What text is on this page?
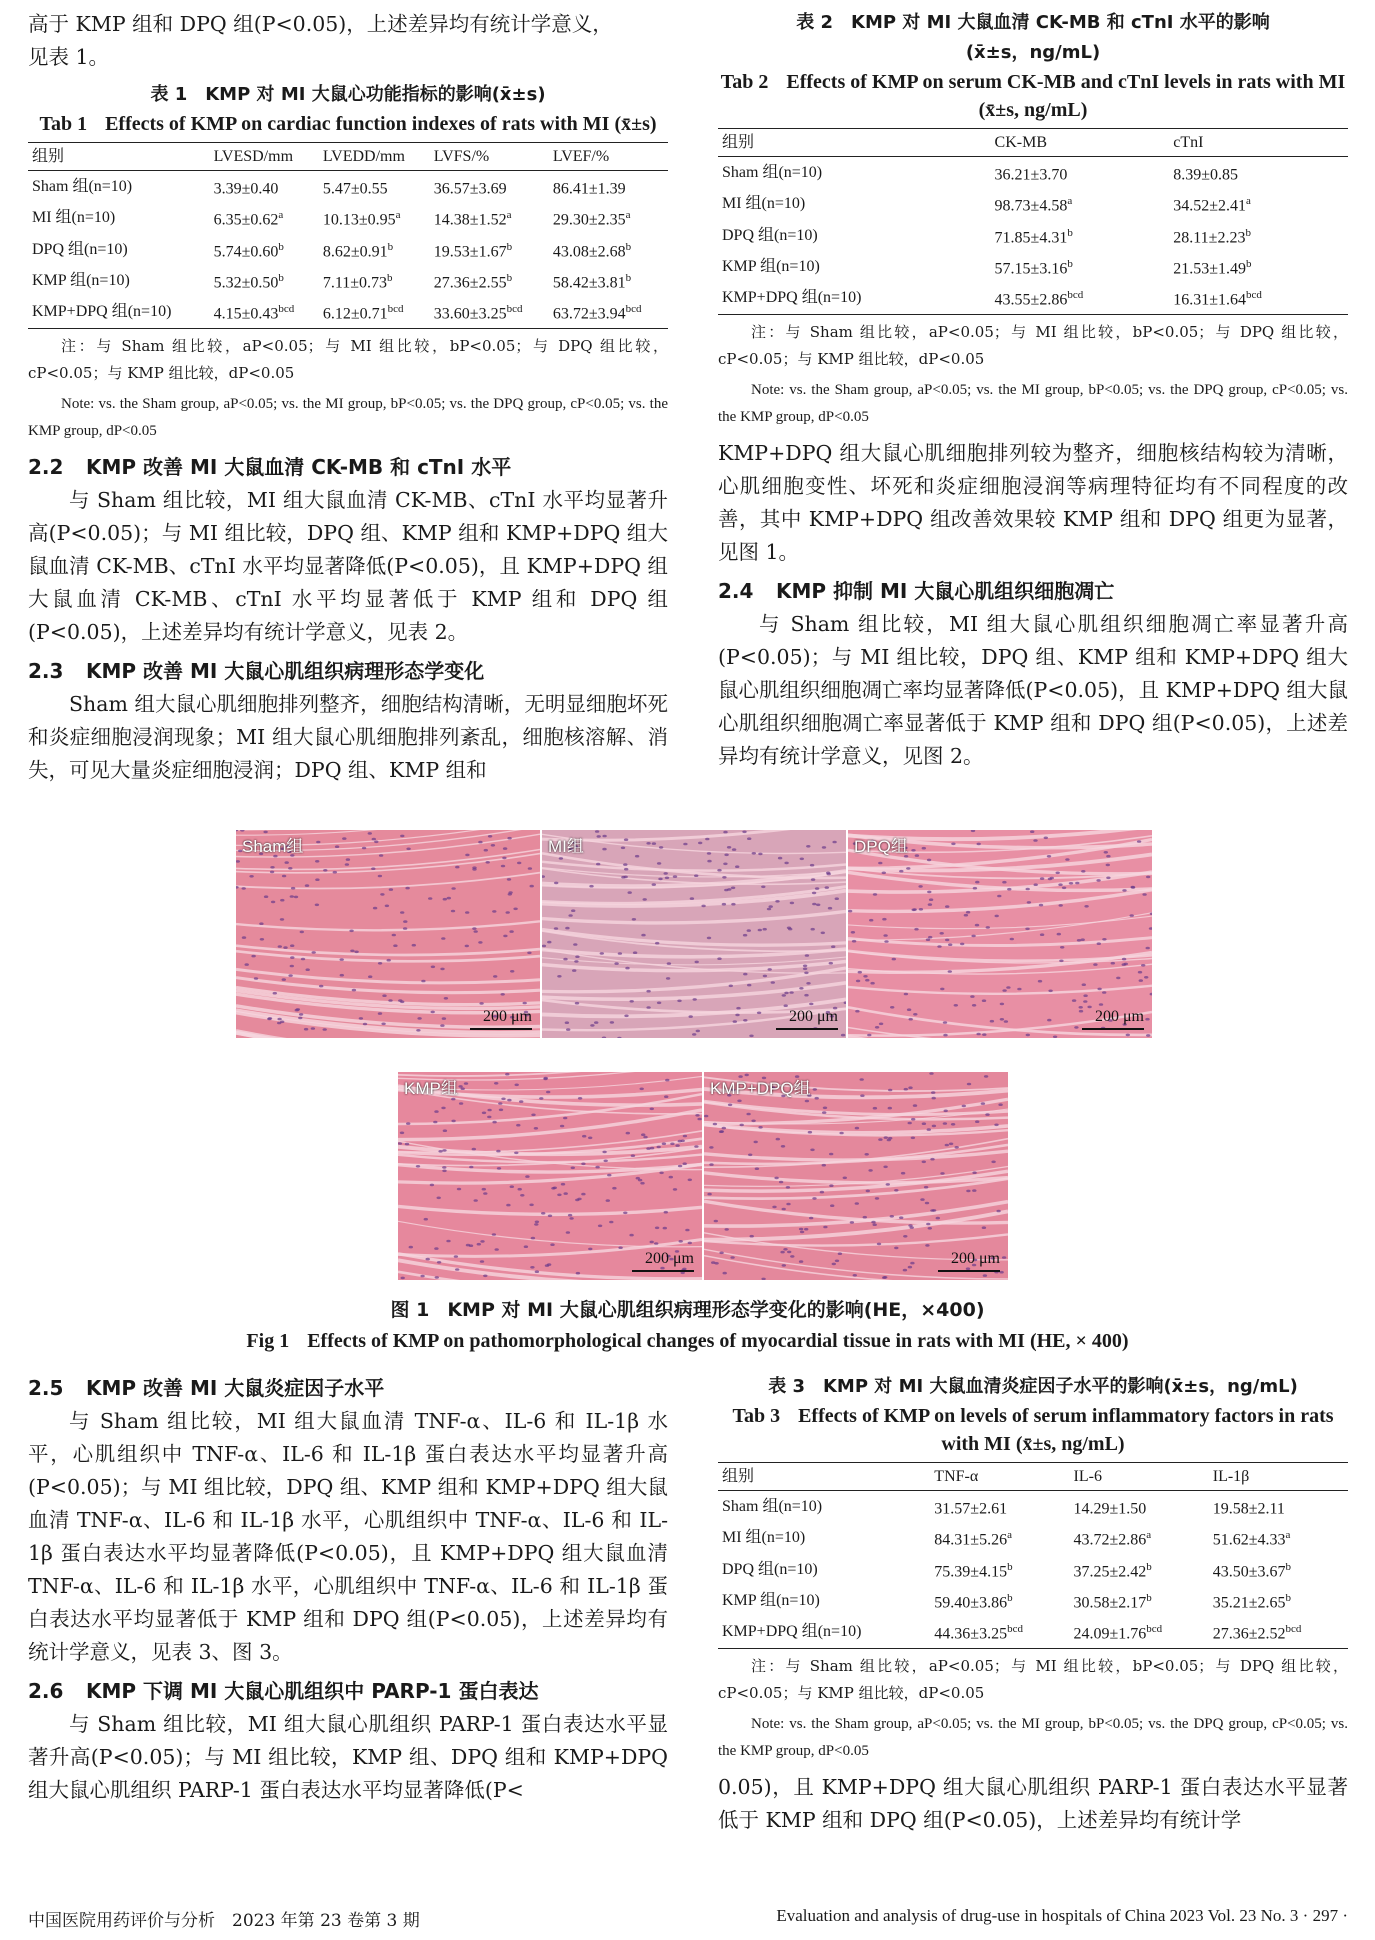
高于 KMP 组和 DPQ 组(P<0.05)，上述差异均有统计学意义，

见表 1。

表 1 KMP 对 MI 大鼠心功能指标的影响(x̄±s)
Tab 1 Effects of KMP on cardiac function indexes of rats with MI (x̄±s)
组别	LVESD/mm	LVEDD/mm	LVFS/%	LVEF/%
Sham 组(n=10)	3.39±0.40	5.47±0.55	36.57±3.69	86.41±1.39
MI 组(n=10)	6.35±0.62$^a$	10.13±0.95$^a$	14.38±1.52$^a$	29.30±2.35$^a$
DPQ 组(n=10)	5.74±0.60$^b$	8.62±0.91$^b$	19.53±1.67$^b$	43.08±2.68$^b$
KMP 组(n=10)	5.32±0.50$^b$	7.11±0.73$^b$	27.36±2.55$^b$	58.42±3.81$^b$
KMP+DPQ 组(n=10)	4.15±0.43$^{bcd}$	6.12±0.71$^{bcd}$	33.60±3.25$^{bcd}$	63.72±3.94$^{bcd}$

注：与 Sham 组比较，aP<0.05；与 MI 组比较，bP<0.05；与 DPQ 组比较，cP<0.05；与 KMP 组比较，dP<0.05

Note: vs. the Sham group, aP<0.05; vs. the MI group, bP<0.05; vs. the DPQ group, cP<0.05; vs. the KMP group, dP<0.05

2.2 KMP 改善 MI 大鼠血清 CK-MB 和 cTnI 水平

与 Sham 组比较，MI 组大鼠血清 CK-MB、cTnI 水平均显著升高(P<0.05)；与 MI 组比较，DPQ 组、KMP 组和 KMP+DPQ 组大鼠血清 CK-MB、cTnI 水平均显著降低(P<0.05)，且 KMP+DPQ 组大鼠血清 CK-MB、cTnI 水平均显著低于 KMP 组和 DPQ 组(P<0.05)，上述差异均有统计学意义，见表 2。

2.3 KMP 改善 MI 大鼠心肌组织病理形态学变化

Sham 组大鼠心肌细胞排列整齐，细胞结构清晰，无明显细胞坏死和炎症细胞浸润现象；MI 组大鼠心肌细胞排列紊乱，细胞核溶解、消失，可见大量炎症细胞浸润；DPQ 组、KMP 组和

表 2 KMP 对 MI 大鼠血清 CK-MB 和 cTnI 水平的影响
(x̄±s，ng/mL)
Tab 2 Effects of KMP on serum CK-MB and cTnI levels in rats with MI (x̄±s, ng/mL)
组别	CK-MB	cTnI
Sham 组(n=10)	36.21±3.70	8.39±0.85
MI 组(n=10)	98.73±4.58$^a$	34.52±2.41$^a$
DPQ 组(n=10)	71.85±4.31$^b$	28.11±2.23$^b$
KMP 组(n=10)	57.15±3.16$^b$	21.53±1.49$^b$
KMP+DPQ 组(n=10)	43.55±2.86$^{bcd}$	16.31±1.64$^{bcd}$

注：与 Sham 组比较，aP<0.05；与 MI 组比较，bP<0.05；与 DPQ 组比较，cP<0.05；与 KMP 组比较，dP<0.05

Note: vs. the Sham group, aP<0.05; vs. the MI group, bP<0.05; vs. the DPQ group, cP<0.05; vs. the KMP group, dP<0.05

KMP+DPQ 组大鼠心肌细胞排列较为整齐，细胞核结构较为清晰，心肌细胞变性、坏死和炎症细胞浸润等病理特征均有不同程度的改善，其中 KMP+DPQ 组改善效果较 KMP 组和 DPQ 组更为显著，见图 1。

2.4 KMP 抑制 MI 大鼠心肌组织细胞凋亡

与 Sham 组比较，MI 组大鼠心肌组织细胞凋亡率显著升高(P<0.05)；与 MI 组比较，DPQ 组、KMP 组和 KMP+DPQ 组大鼠心肌组织细胞凋亡率均显著降低(P<0.05)，且 KMP+DPQ 组大鼠心肌组织细胞凋亡率显著低于 KMP 组和 DPQ 组(P<0.05)，上述差异均有统计学意义，见图 2。

Sham组
200 μm
MI组
200 μm
DPQ组
200 μm
KMP组
200 μm
KMP+DPQ组
200 μm
图 1 KMP 对 MI 大鼠心肌组织病理形态学变化的影响(HE，×400)
Fig 1 Effects of KMP on pathomorphological changes of myocardial tissue in rats with MI (HE, × 400)
2.5 KMP 改善 MI 大鼠炎症因子水平

与 Sham 组比较，MI 组大鼠血清 TNF-α、IL-6 和 IL-1β 水平，心肌组织中 TNF-α、IL-6 和 IL-1β 蛋白表达水平均显著升高(P<0.05)；与 MI 组比较，DPQ 组、KMP 组和 KMP+DPQ 组大鼠血清 TNF-α、IL-6 和 IL-1β 水平，心肌组织中 TNF-α、IL-6 和 IL-1β 蛋白表达水平均显著降低(P<0.05)，且 KMP+DPQ 组大鼠血清 TNF-α、IL-6 和 IL-1β 水平，心肌组织中 TNF-α、IL-6 和 IL-1β 蛋白表达水平均显著低于 KMP 组和 DPQ 组(P<0.05)，上述差异均有统计学意义，见表 3、图 3。

2.6 KMP 下调 MI 大鼠心肌组织中 PARP-1 蛋白表达

与 Sham 组比较，MI 组大鼠心肌组织 PARP-1 蛋白表达水平显著升高(P<0.05)；与 MI 组比较，KMP 组、DPQ 组和 KMP+DPQ 组大鼠心肌组织 PARP-1 蛋白表达水平均显著降低(P<

表 3 KMP 对 MI 大鼠血清炎症因子水平的影响(x̄±s，ng/mL)
Tab 3 Effects of KMP on levels of serum inflammatory factors in rats with MI (x̄±s, ng/mL)
组别	TNF-α	IL-6	IL-1β
Sham 组(n=10)	31.57±2.61	14.29±1.50	19.58±2.11
MI 组(n=10)	84.31±5.26$^a$	43.72±2.86$^a$	51.62±4.33$^a$
DPQ 组(n=10)	75.39±4.15$^b$	37.25±2.42$^b$	43.50±3.67$^b$
KMP 组(n=10)	59.40±3.86$^b$	30.58±2.17$^b$	35.21±2.65$^b$
KMP+DPQ 组(n=10)	44.36±3.25$^{bcd}$	24.09±1.76$^{bcd}$	27.36±2.52$^{bcd}$

注：与 Sham 组比较，aP<0.05；与 MI 组比较，bP<0.05；与 DPQ 组比较，cP<0.05；与 KMP 组比较，dP<0.05

Note: vs. the Sham group, aP<0.05; vs. the MI group, bP<0.05; vs. the DPQ group, cP<0.05; vs. the KMP group, dP<0.05

0.05)，且 KMP+DPQ 组大鼠心肌组织 PARP-1 蛋白表达水平显著低于 KMP 组和 DPQ 组(P<0.05)，上述差异均有统计学

中国医院用药评价与分析　2023 年第 23 卷第 3 期	Evaluation and analysis of drug-use in hospitals of China 2023 Vol. 23 No. 3 · 297 ·
